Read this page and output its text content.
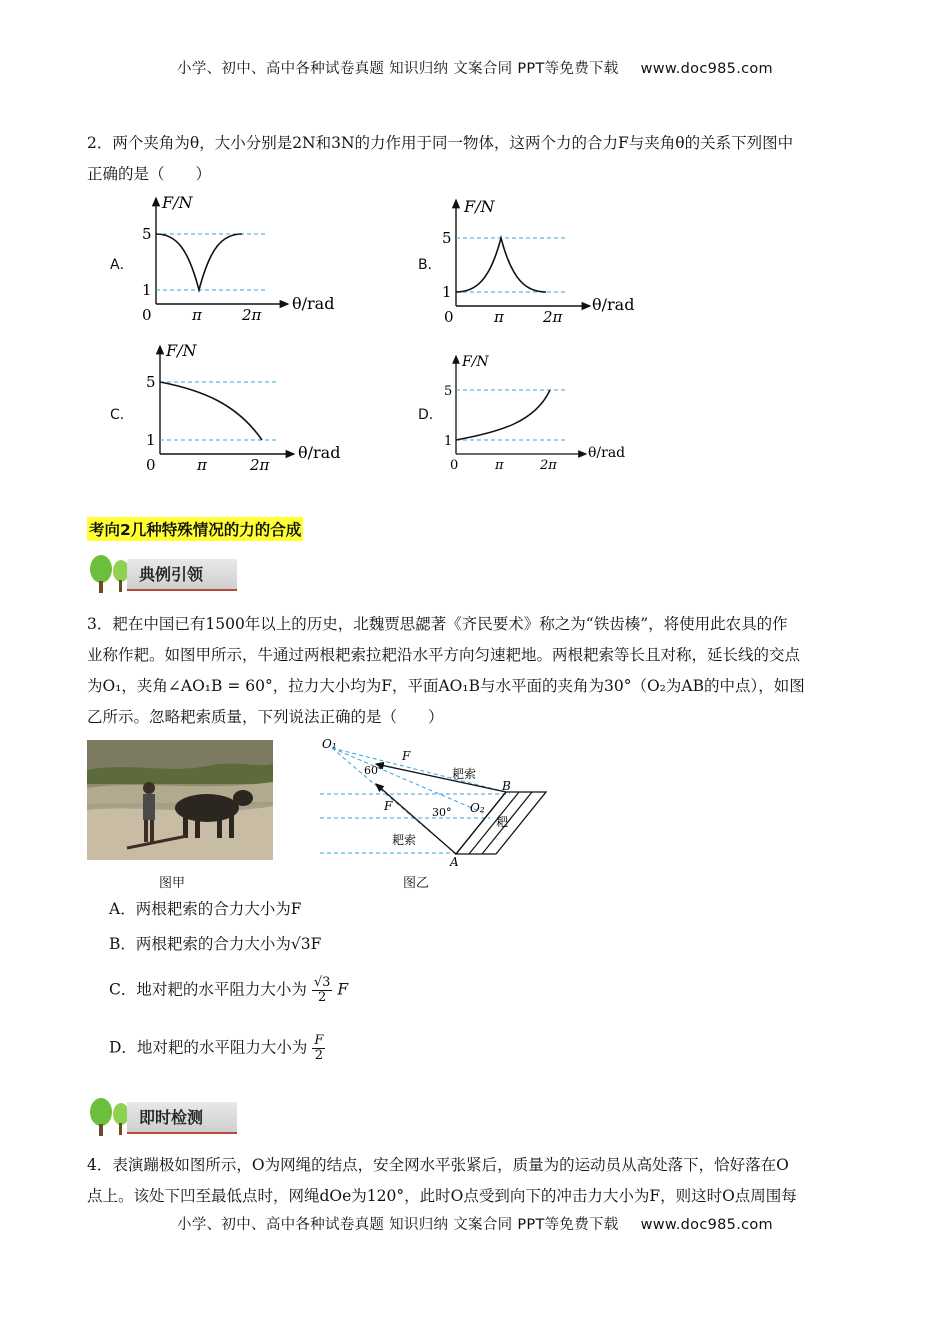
小学、初中、高中各种试卷真题 知识归纳 文案合同 PPT等免费下载 www.doc985.com
2．两个夹角为θ，大小分别是2N和3N的力作用于同一物体，这两个力的合力F与夹角θ的关系下列图中
正确的是（　　）
A．	B．
C．	D．
F/N
θ/rad
5
1
0	π	2π
F/N
θ/rad
5
1
0	π	2π
F/N
θ/rad
5
1
0	π	2π
F/N
θ/rad
5
1
0	π	2π
考向2几种特殊情况的力的合成
典例引领
3．耙在中国已有1500年以上的历史，北魏贾思勰著《齐民要术》称之为“铁齿楱”，将使用此农具的作
业称作耙。如图甲所示，牛通过两根耙索拉耙沿水平方向匀速耙地。两根耙索等长且对称，延长线的交点
为O₁，夹角∠AO₁B = 60°，拉力大小均为F，平面AO₁B与水平面的夹角为30°（O₂为AB的中点），如图
乙所示。忽略耙索质量，下列说法正确的是（　　）
图甲
O₁
F
F
60°
30° O₂
B
A
耙索
耙索
耙
图乙
A．两根耙索的合力大小为F
B．两根耙索的合力大小为√3F
C．地对耙的水平阻力大小为 $\frac{√3}{2}$ F
D．地对耙的水平阻力大小为 $\frac{F}{2}$
即时检测
4．表演蹦极如图所示，O为网绳的结点，安全网水平张紧后，质量为的运动员从高处落下，恰好落在O
点上。该处下凹至最低点时，网绳dOe为120°，此时O点受到向下的冲击力大小为F，则这时O点周围每
小学、初中、高中各种试卷真题 知识归纳 文案合同 PPT等免费下载 www.doc985.com
